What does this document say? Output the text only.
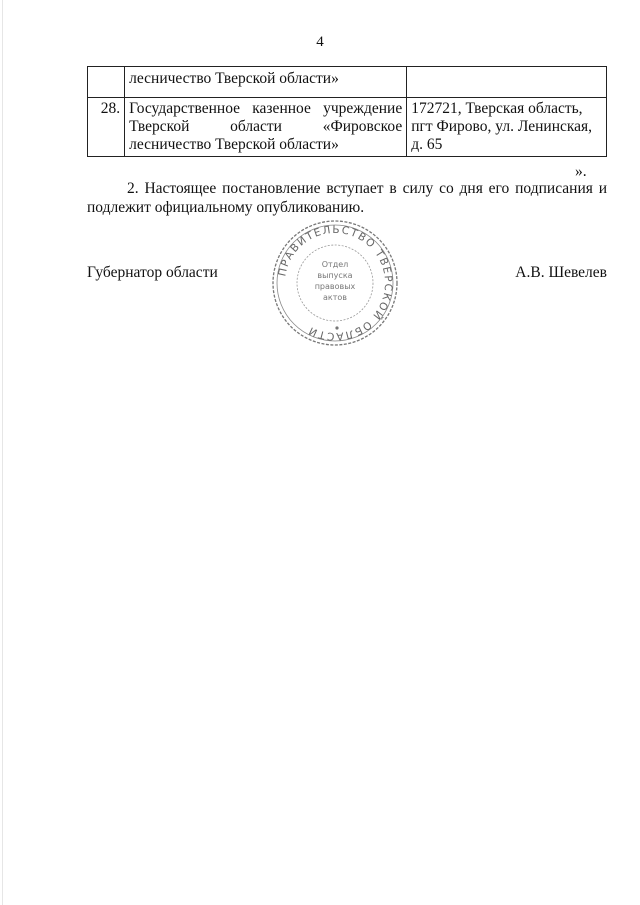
4
	лесничество Тверской области»	
28.	Государственное казенное учреждение Тверской области «Фировское лесничество Тверской области»	172721, Тверская область, пгт Фирово, ул. Ленинская, д. 65
».
2. Настоящее постановление вступает в силу со дня его подписания и подлежит официальному опубликованию.
Губернатор области	А.В. Шевелев
ПРАВИТЕЛЬСТВО ТВЕРСКОЙ ОБЛАСТИ
Отдел
выпуска
правовых
актов
